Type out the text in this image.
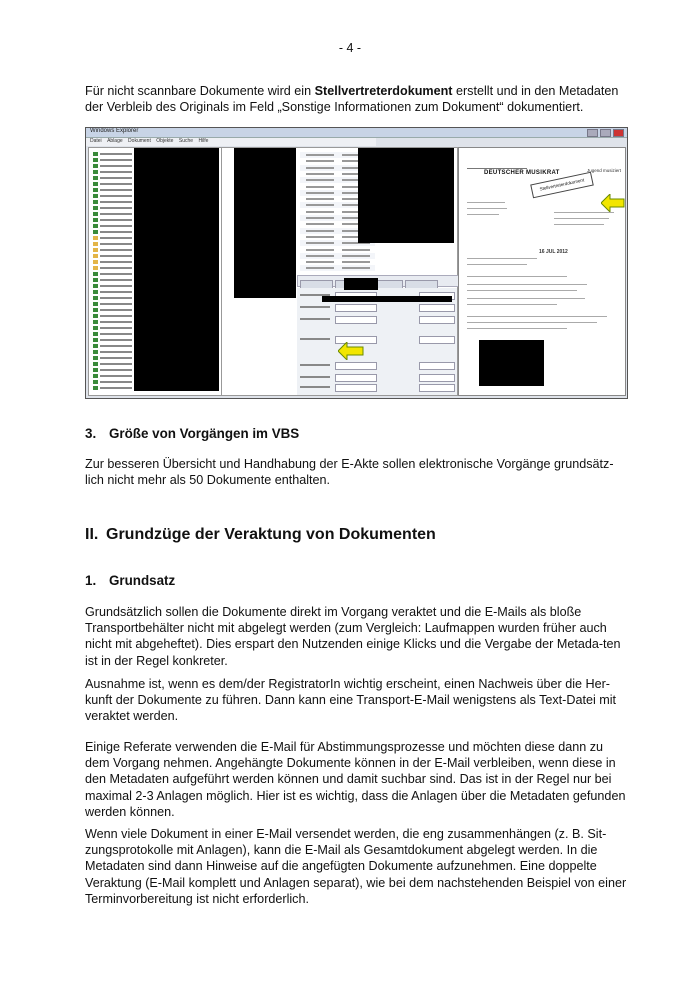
- 4 -
Für nicht scannbare Dokumente wird ein Stellvertreterdokument erstellt und in den Metadaten der Verbleib des Originals im Feld „Sonstige Informationen zum Dokument“ dokumentiert.
Windows Explorer
Datei Ablage Dokument Objekte Suche Hilfe
DEUTSCHER MUSIKRAT
Stellvertreterdokument
Jugend musiziert
16 JUL 2012
3. Größe von Vorgängen im VBS
Zur besseren Übersicht und Handhabung der E-Akte sollen elektronische Vorgänge grundsätz-lich nicht mehr als 50 Dokumente enthalten.
II. Grundzüge der Veraktung von Dokumenten
1. Grundsatz
Grundsätzlich sollen die Dokumente direkt im Vorgang veraktet und die E-Mails als bloße Transportbehälter nicht mit abgelegt werden (zum Vergleich: Laufmappen wurden früher auch nicht mit abgeheftet). Dies erspart den Nutzenden einige Klicks und die Vergabe der Metada-ten ist in der Regel konkreter.
Ausnahme ist, wenn es dem/der RegistratorIn wichtig erscheint, einen Nachweis über die Her-kunft der Dokumente zu führen. Dann kann eine Transport-E-Mail wenigstens als Text-Datei mit veraktet werden.
Einige Referate verwenden die E-Mail für Abstimmungsprozesse und möchten diese dann zu dem Vorgang nehmen. Angehängte Dokumente können in der E-Mail verbleiben, wenn diese in den Metadaten aufgeführt werden können und damit suchbar sind. Das ist in der Regel nur bei maximal 2-3 Anlagen möglich. Hier ist es wichtig, dass die Anlagen über die Metadaten gefunden werden können.
Wenn viele Dokument in einer E-Mail versendet werden, die eng zusammenhängen (z. B. Sit-zungsprotokolle mit Anlagen), kann die E-Mail als Gesamtdokument abgelegt werden. In die Metadaten sind dann Hinweise auf die angefügten Dokumente aufzunehmen. Eine doppelte Veraktung (E-Mail komplett und Anlagen separat), wie bei dem nachstehenden Beispiel von einer Terminvorbereitung ist nicht erforderlich.
